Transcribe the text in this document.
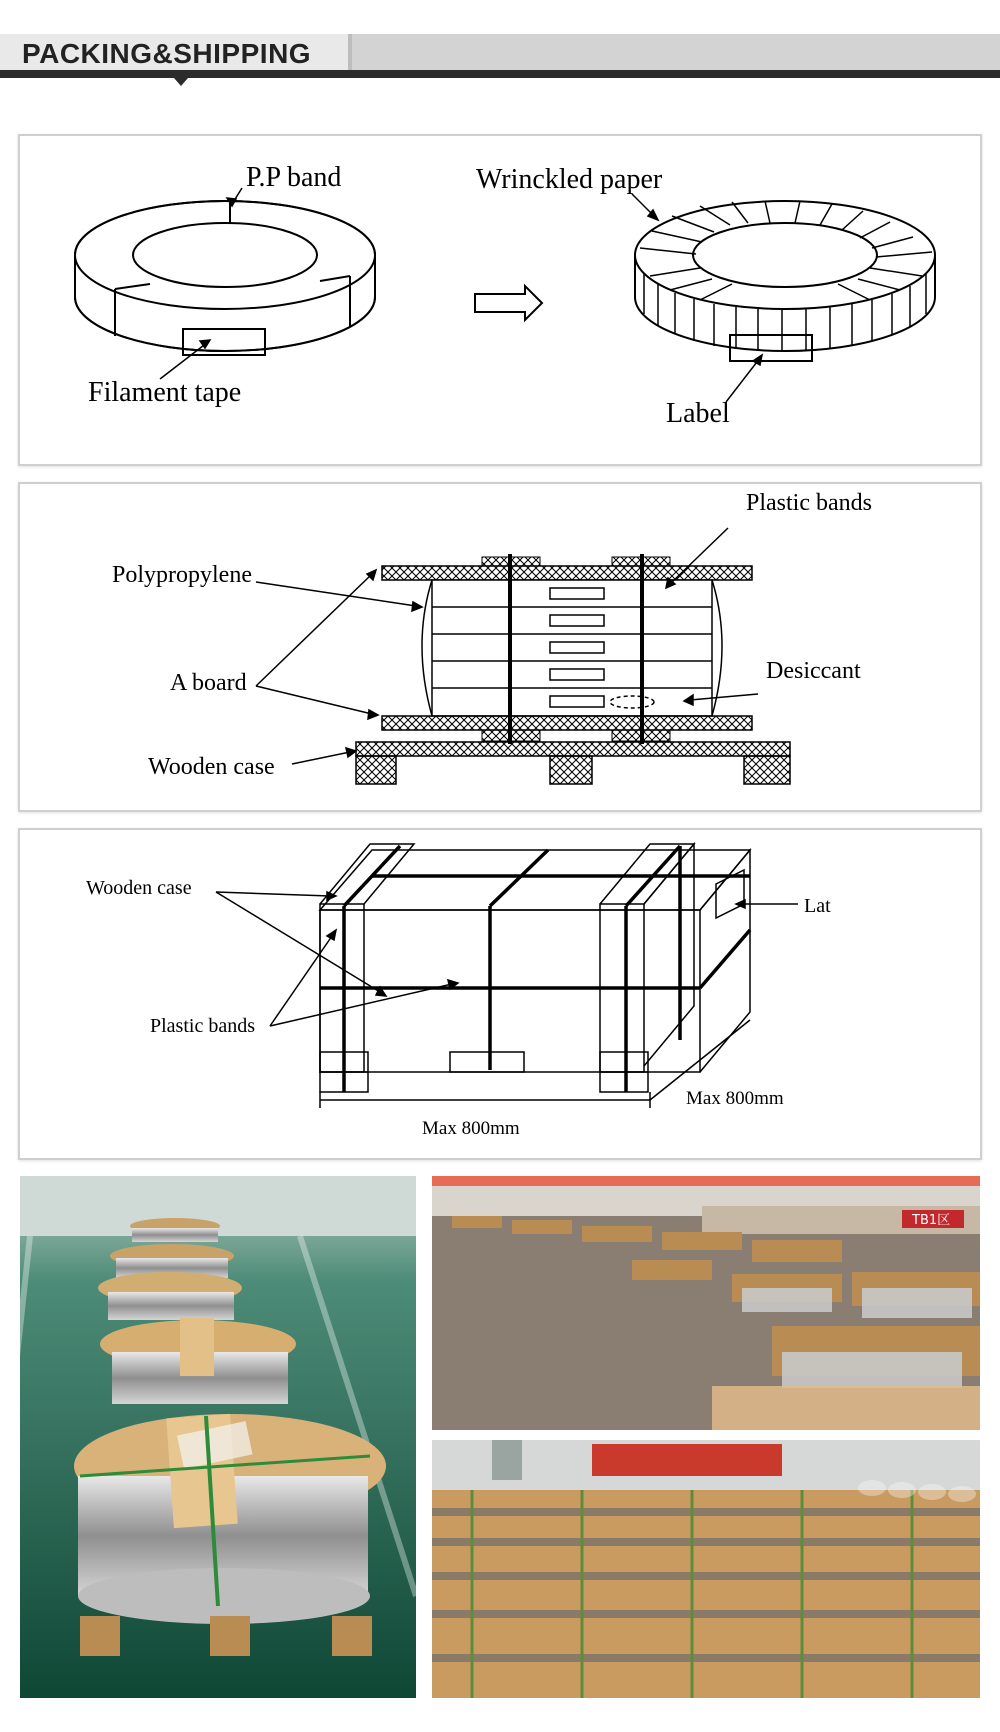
PACKING&SHIPPING
P.P band
Filament tape
Wrinckled paper
Label
Plastic bands
Polypropylene
A board	Desiccant
Wooden case
Wooden case
Lat
Plastic bands
Max 800mm
Max 800mm
TB1区
